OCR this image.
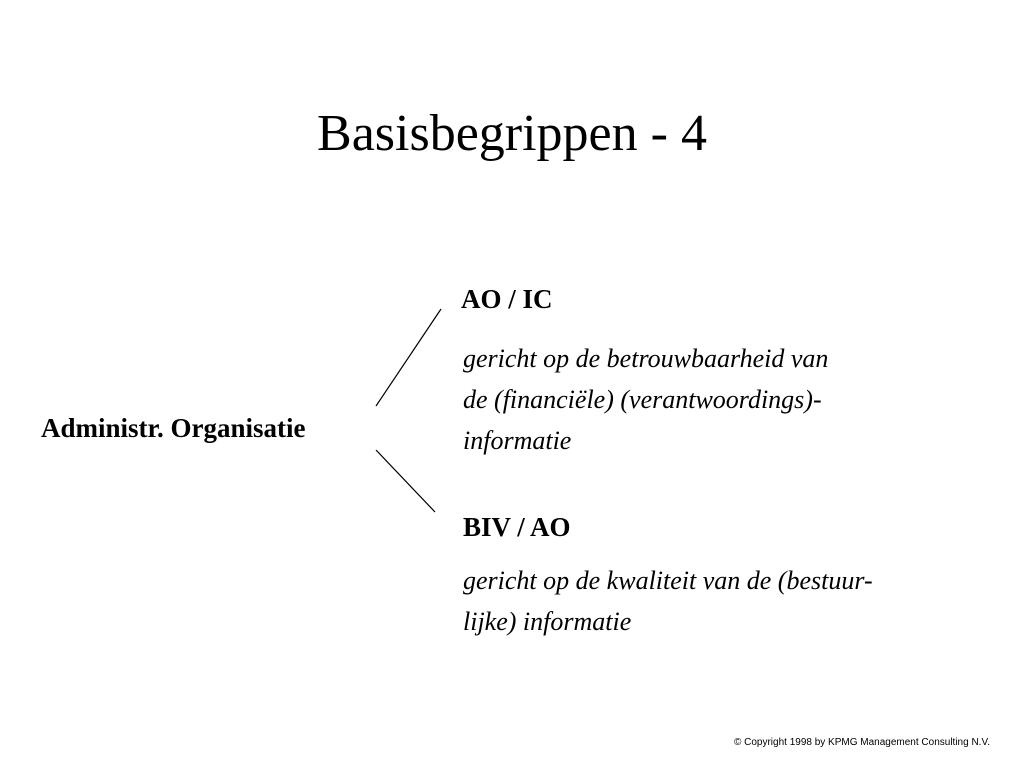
Basisbegrippen - 4
Administr. Organisatie
AO / IC
gericht op de betrouwbaarheid van
de (financiële) (verantwoordings)-
informatie
BIV / AO
gericht op de kwaliteit van de (bestuur-
lijke) informatie
© Copyright 1998 by KPMG Management Consulting N.V.
